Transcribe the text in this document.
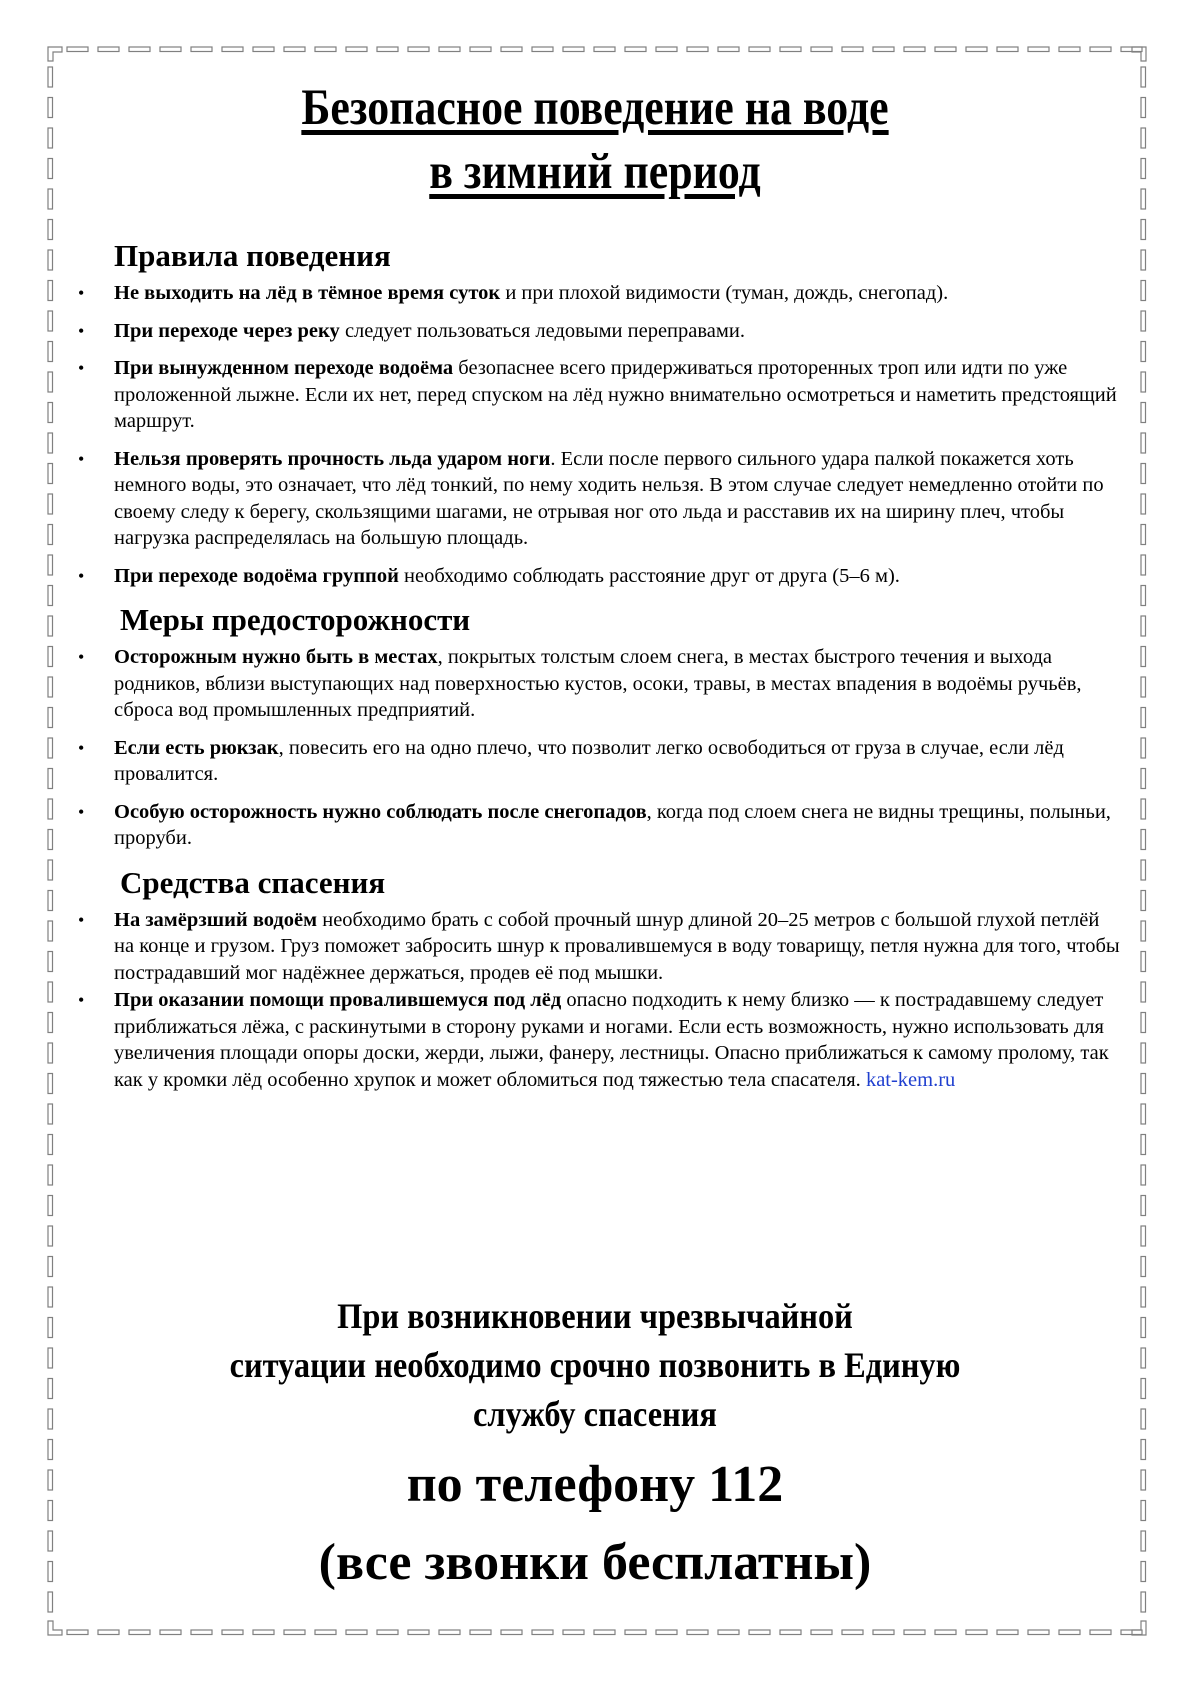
Безопасное поведение на воде
в зимний период
Правила поведения
• Не выходить на лёд в тёмное время суток и при плохой видимости (туман, дождь, снегопад).
• При переходе через реку следует пользоваться ледовыми переправами.
• При вынужденном переходе водоёма безопаснее всего придерживаться проторенных троп или идти по уже проложенной лыжне. Если их нет, перед спуском на лёд нужно внимательно осмотреться и наметить предстоящий маршрут.
• Нельзя проверять прочность льда ударом ноги. Если после первого сильного удара палкой покажется хоть немного воды, это означает, что лёд тонкий, по нему ходить нельзя. В этом случае следует немедленно отойти по своему следу к берегу, скользящими шагами, не отрывая ног ото льда и расставив их на ширину плеч, чтобы нагрузка распределялась на большую площадь.
• При переходе водоёма группой необходимо соблюдать расстояние друг от друга (5–6 м).
Меры предосторожности
• Осторожным нужно быть в местах, покрытых толстым слоем снега, в местах быстрого течения и выхода родников, вблизи выступающих над поверхностью кустов, осоки, травы, в местах впадения в водоёмы ручьёв, сброса вод промышленных предприятий.
• Если есть рюкзак, повесить его на одно плечо, что позволит легко освободиться от груза в случае, если лёд провалится.
• Особую осторожность нужно соблюдать после снегопадов, когда под слоем снега не видны трещины, полыньи, проруби.
Средства спасения
• На замёрзший водоём необходимо брать с собой прочный шнур длиной 20–25 метров с большой глухой петлёй на конце и грузом. Груз поможет забросить шнур к провалившемуся в воду товарищу, петля нужна для того, чтобы пострадавший мог надёжнее держаться, продев её под мышки.
• При оказании помощи провалившемуся под лёд опасно подходить к нему близко — к пострадавшему следует приближаться лёжа, с раскинутыми в сторону руками и ногами. Если есть возможность, нужно использовать для увеличения площади опоры доски, жерди, лыжи, фанеру, лестницы. Опасно приближаться к самому пролому, так как у кромки лёд особенно хрупок и может обломиться под тяжестью тела спасателя. kat-kem.ru
При возникновении чрезвычайной
ситуации необходимо срочно позвонить в Единую
службу спасения
по телефону 112
(все звонки бесплатны)
